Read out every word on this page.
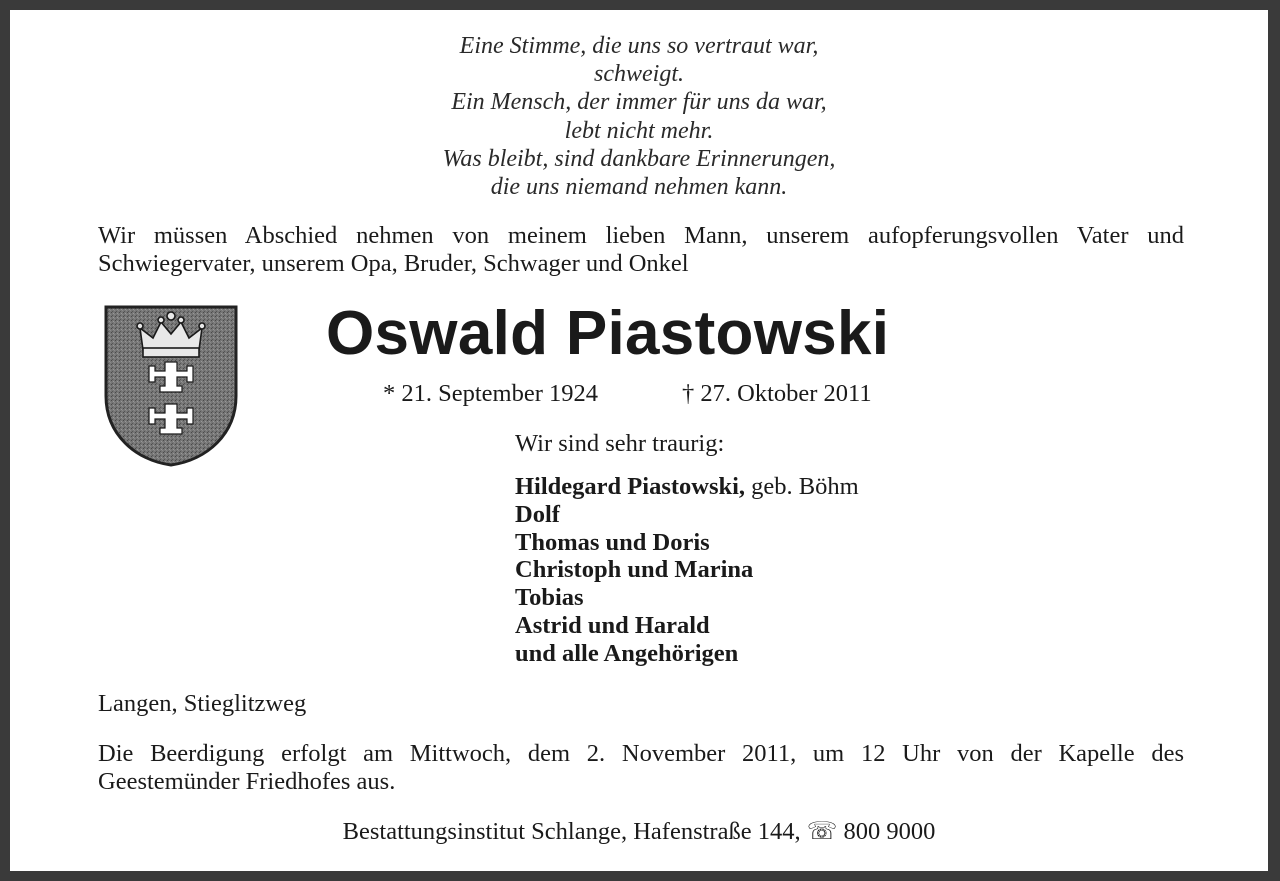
Eine Stimme, die uns so vertraut war,
schweigt.
Ein Mensch, der immer für uns da war,
lebt nicht mehr.
Was bleibt, sind dankbare Erinnerungen,
die uns niemand nehmen kann.
Wir müssen Abschied nehmen von meinem lieben Mann, unserem aufopferungsvollen Vater und
Schwiegervater, unserem Opa, Bruder, Schwager und Onkel
Oswald Piastowski
* 21. September 1924	† 27. Oktober 2011
Wir sind sehr traurig:
Hildegard Piastowski, geb. Böhm
Dolf
Thomas und Doris
Christoph und Marina
Tobias
Astrid und Harald
und alle Angehörigen
Langen, Stieglitzweg
Die Beerdigung erfolgt am Mittwoch, dem 2. November 2011, um 12 Uhr von der Kapelle des
Geestemünder Friedhofes aus.
Bestattungsinstitut Schlange, Hafenstraße 144, ☏ 800 9000
